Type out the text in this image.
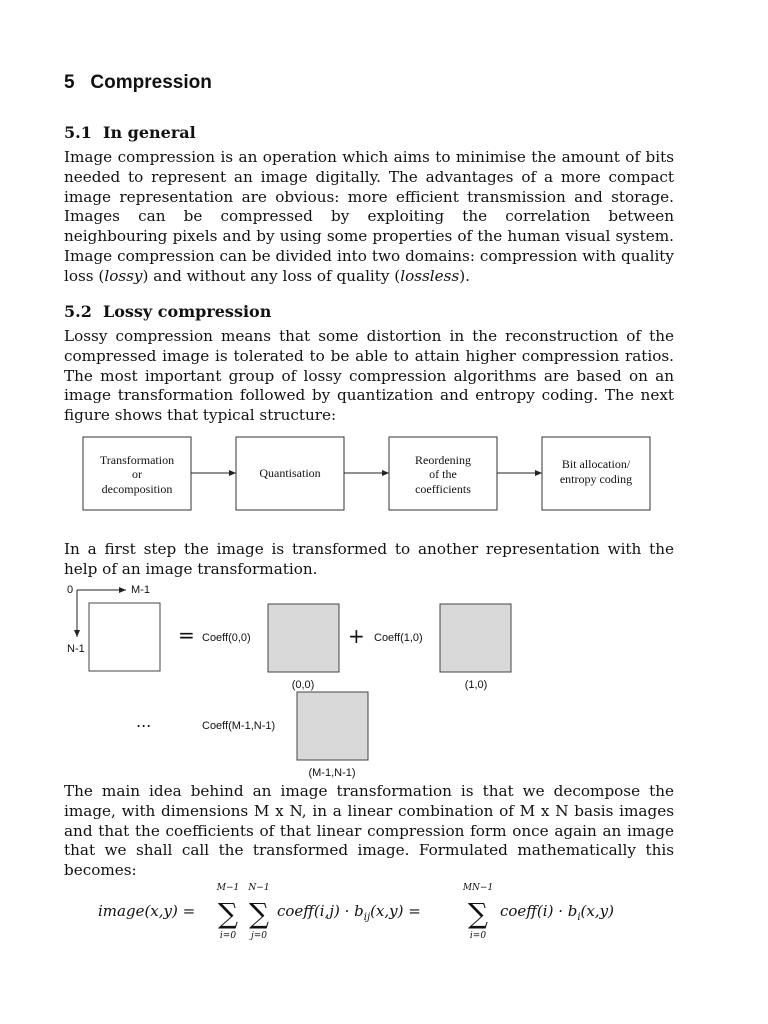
5 Compression
5.1 In general
Image compression is an operation which aims to minimise the amount of bits needed to represent an image digitally. The advantages of a more compact image representation are obvious: more efficient transmission and storage. Images can be compressed by exploiting the correlation between neighbouring pixels and by using some properties of the human visual system. Image compression can be divided into two domains: compression with quality loss (lossy) and without any loss of quality (lossless).
5.2 Lossy compression
Lossy compression means that some distortion in the reconstruction of the compressed image is tolerated to be able to attain higher compression ratios. The most important group of lossy compression algorithms are based on an image transformation followed by quantization and entropy coding. The next figure shows that typical structure:
In a first step the image is transformed to another representation with the help of an image transformation.
The main idea behind an image transformation is that we decompose the image, with dimensions M x N, in a linear combination of M x N basis images and that the coefficients of that linear compression form once again an image that we shall call the transformed image. Formulated mathematically this becomes:
Transformation
or
decomposition
Quantisation
Reordening
of the
coefficients
Bit allocation/
entropy coding
0	M-1
N-1
= Coeff(0,0)
(0,0)
+ Coeff(1,0)
(1,0)
...	Coeff(M-1,N-1)
(M-1,N-1)
image(x,y) =
M−1
∑
i=0
N−1
∑
j=0
coeff(i,j) · $b_{ij}(x,y)$ =
MN−1
∑
i=0
coeff(i) · $b_i(x,y)$
